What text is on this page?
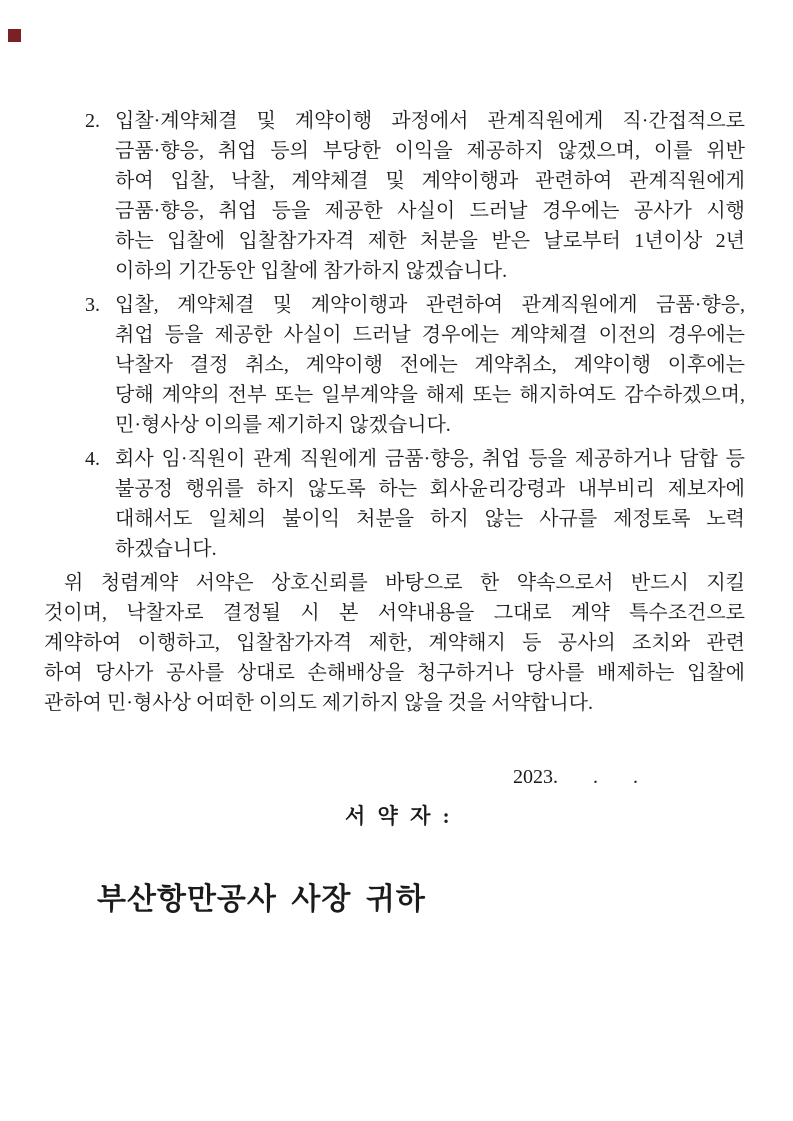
2. 입찰·계약체결 및 계약이행 과정에서 관계직원에게 직·간접적으로
금품·향응, 취업 등의 부당한 이익을 제공하지 않겠으며, 이를 위반
하여 입찰, 낙찰, 계약체결 및 계약이행과 관련하여 관계직원에게
금품·향응, 취업 등을 제공한 사실이 드러날 경우에는 공사가 시행
하는 입찰에 입찰참가자격 제한 처분을 받은 날로부터 1년이상 2년
이하의 기간동안 입찰에 참가하지 않겠습니다.
3. 입찰, 계약체결 및 계약이행과 관련하여 관계직원에게 금품·향응,
취업 등을 제공한 사실이 드러날 경우에는 계약체결 이전의 경우에는
낙찰자 결정 취소, 계약이행 전에는 계약취소, 계약이행 이후에는
당해 계약의 전부 또는 일부계약을 해제 또는 해지하여도 감수하겠으며,
민·형사상 이의를 제기하지 않겠습니다.
4. 회사 임·직원이 관계 직원에게 금품·향응, 취업 등을 제공하거나 담합 등
불공정 행위를 하지 않도록 하는 회사윤리강령과 내부비리 제보자에
대해서도 일체의 불이익 처분을 하지 않는 사규를 제정토록 노력
하겠습니다.
위 청렴계약 서약은 상호신뢰를 바탕으로 한 약속으로서 반드시 지킬
것이며, 낙찰자로 결정될 시 본 서약내용을 그대로 계약 특수조건으로
계약하여 이행하고, 입찰참가자격 제한, 계약해지 등 공사의 조치와 관련
하여 당사가 공사를 상대로 손해배상을 청구하거나 당사를 배제하는 입찰에
관하여 민·형사상 어떠한 이의도 제기하지 않을 것을 서약합니다.
2023.       .       .
서 약 자 :
부산항만공사 사장 귀하
